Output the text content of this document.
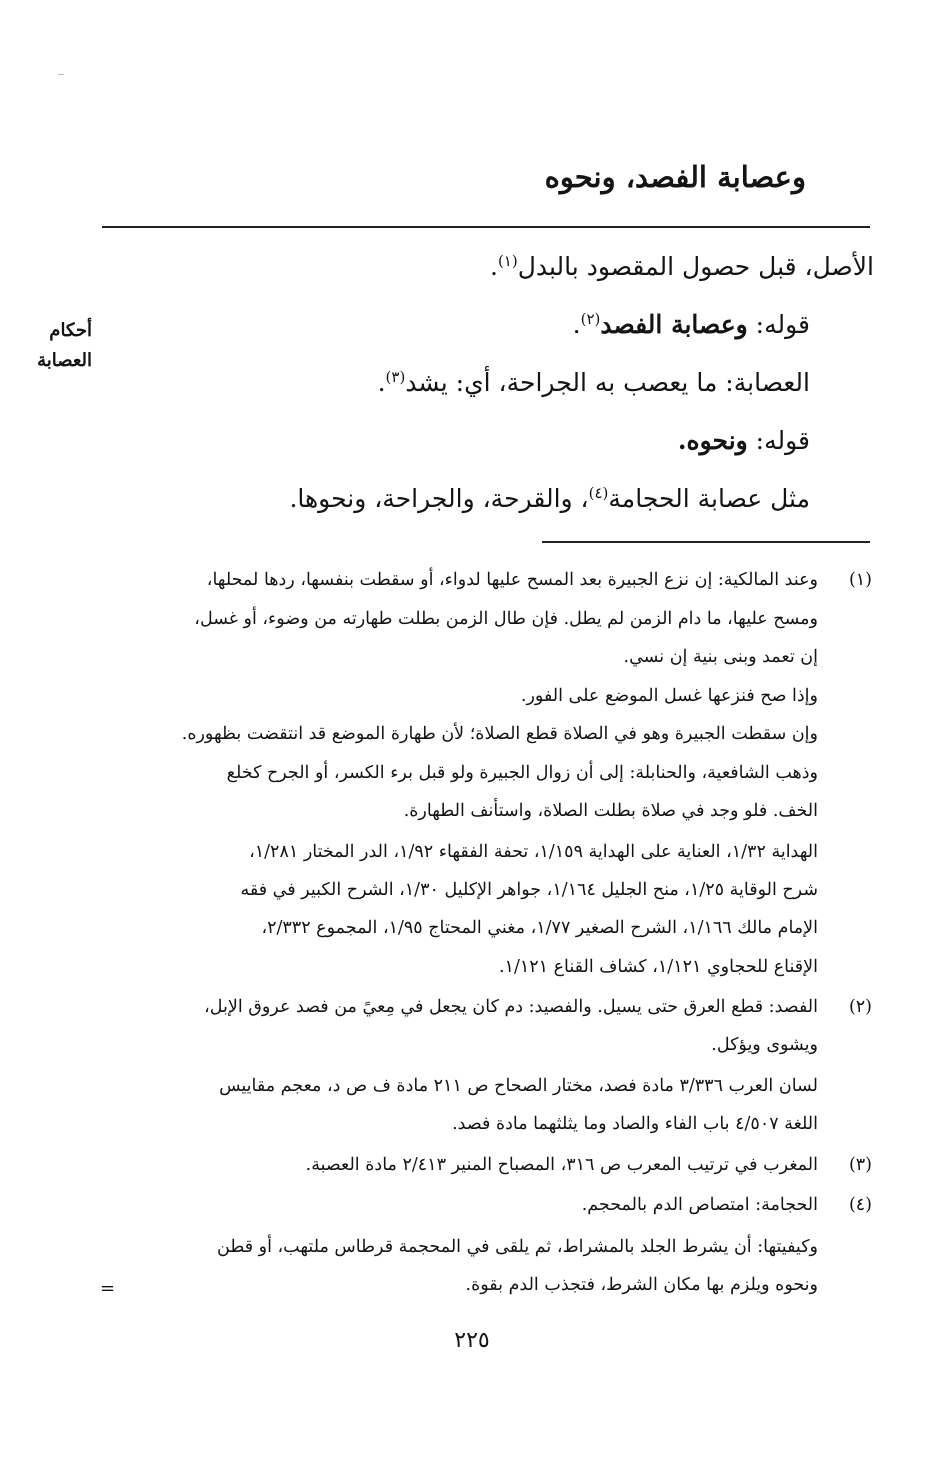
وعصابة الفصد، ونحوه
أحكام
العصابة
الأصل، قبل حصول المقصود بالبدل$^{(١)}$.
قوله: وعصابة الفصد$^{(٢)}$.
العصابة: ما يعصب به الجراحة، أي: يشد$^{(٣)}$.
قوله: ونحوه.
مثل عصابة الحجامة$^{(٤)}$، والقرحة، والجراحة، ونحوها.
(١)
وعند المالكية: إن نزع الجبيرة بعد المسح عليها لدواء، أو سقطت بنفسها، ردها لمحلها،
ومسح عليها، ما دام الزمن لم يطل. فإن طال الزمن بطلت طهارته من وضوء، أو غسل،
إن تعمد وبنى بنية إن نسي.
وإذا صح فنزعها غسل الموضع على الفور.
وإن سقطت الجبيرة وهو في الصلاة قطع الصلاة؛ لأن طهارة الموضع قد انتقضت بظهوره.
وذهب الشافعية، والحنابلة: إلى أن زوال الجبيرة ولو قبل برء الكسر، أو الجرح كخلع
الخف. فلو وجد في صلاة بطلت الصلاة، واستأنف الطهارة.
الهداية ١/٣٢، العناية على الهداية ١/١٥٩، تحفة الفقهاء ١/٩٢، الدر المختار ١/٢٨١،
شرح الوقاية ١/٢٥، منح الجليل ١/١٦٤، جواهر الإكليل ١/٣٠، الشرح الكبير في فقه
الإمام مالك ١/١٦٦، الشرح الصغير ١/٧٧، مغني المحتاج ١/٩٥، المجموع ٢/٣٣٢،
الإقناع للحجاوي ١/١٢١، كشاف القناع ١/١٢١.
(٢)
الفصد: قطع العرق حتى يسيل. والفصيد: دم كان يجعل في مِعيً من فصد عروق الإبل،
ويشوى ويؤكل.
لسان العرب ٣/٣٣٦ مادة فصد، مختار الصحاح ص ٢١١ مادة ف ص د، معجم مقاييس
اللغة ٤/٥٠٧ باب الفاء والصاد وما يثلثهما مادة فصد.
(٣)
المغرب في ترتيب المعرب ص ٣١٦، المصباح المنير ٢/٤١٣ مادة العصبة.
(٤)
الحجامة: امتصاص الدم بالمحجم.
وكيفيتها: أن يشرط الجلد بالمشراط، ثم يلقى في المحجمة قرطاس ملتهب، أو قطن
ونحوه ويلزم بها مكان الشرط، فتجذب الدم بقوة.
=
٢٢٥
